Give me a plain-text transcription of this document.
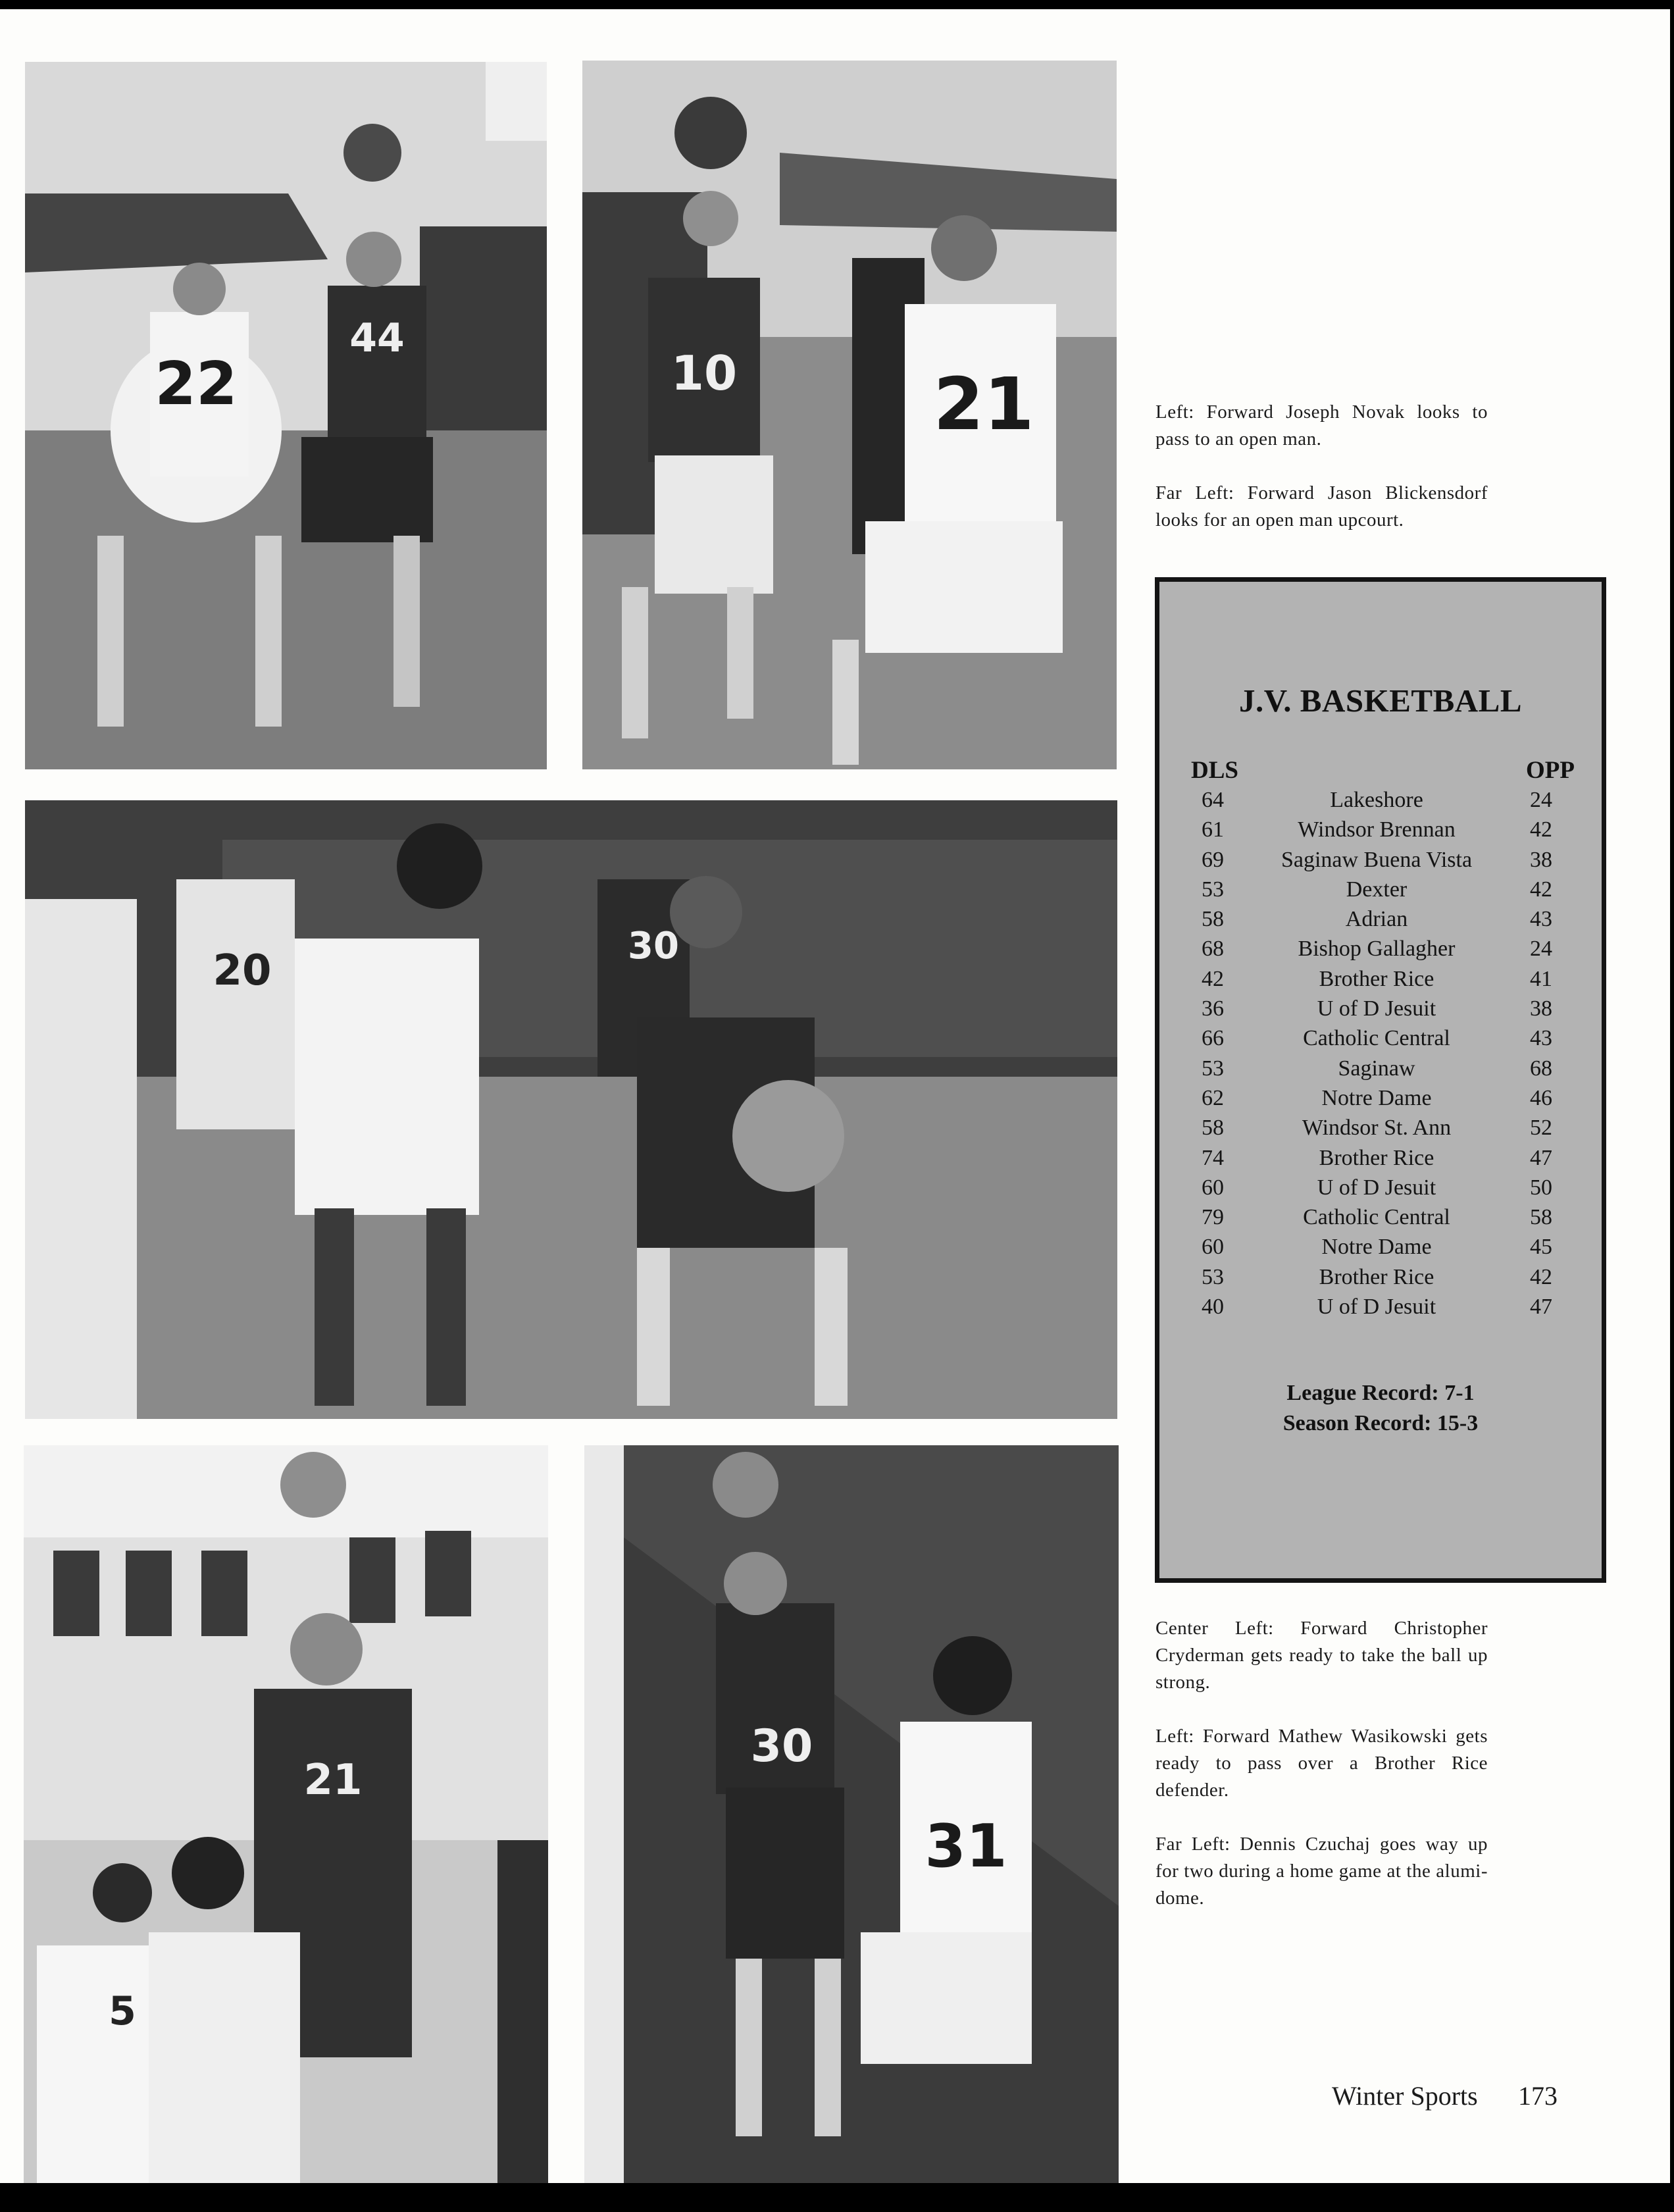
22
44
10	21
20
30
21
5
30
31

Left: Forward Joseph Novak looks to pass to an open man.

Far Left: Forward Jason Blickensdorf looks for an open man upcourt.

J.V. BASKETBALL
DLS	OPP
64	Lakeshore	24
61	Windsor Brennan	42
69	Saginaw Buena Vista	38
53	Dexter	42
58	Adrian	43
68	Bishop Gallagher	24
42	Brother Rice	41
36	U of D Jesuit	38
66	Catholic Central	43
53	Saginaw	68
62	Notre Dame	46
58	Windsor St. Ann	52
74	Brother Rice	47
60	U of D Jesuit	50
79	Catholic Central	58
60	Notre Dame	45
53	Brother Rice	42
40	U of D Jesuit	47
League Record: 7-1
Season Record: 15-3

Center Left: Forward Christopher Cryderman gets ready to take the ball up strong.

Left: Forward Mathew Wasikowski gets ready to pass over a Brother Rice defender.

Far Left: Dennis Czuchaj goes way up for two during a home game at the alumi-dome.

Winter Sports 173
